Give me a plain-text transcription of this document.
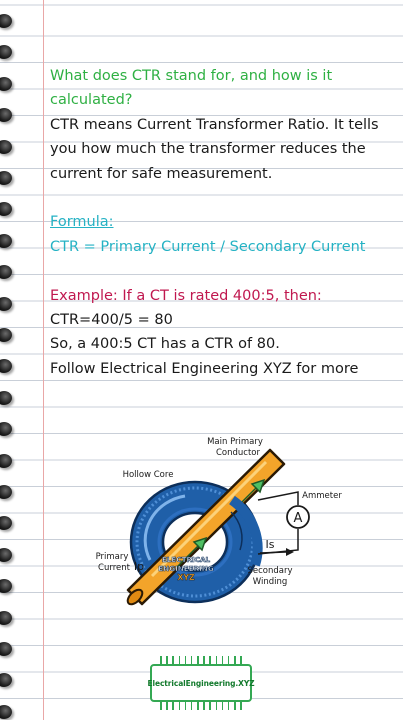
What does CTR stand for, and how is it calculated?

CTR means Current Transformer Ratio. It tells you how much the transformer reduces the current for safe measurement.

Formula:

CTR = Primary Current / Secondary Current

Example: If a CT is rated 400:5, then:

CTR=400/5 = 80

So, a 400:5 CT has a CTR of 80.

Follow Electrical Engineering XYZ for more

A
ELECTRICAL
ENGINEERING
XYZ
Main Primary
Conductor
Hollow Core
Ammeter
Is
Ip
Primary
Current	Secondary
Winding
ElectricalEngineering.XYZ
